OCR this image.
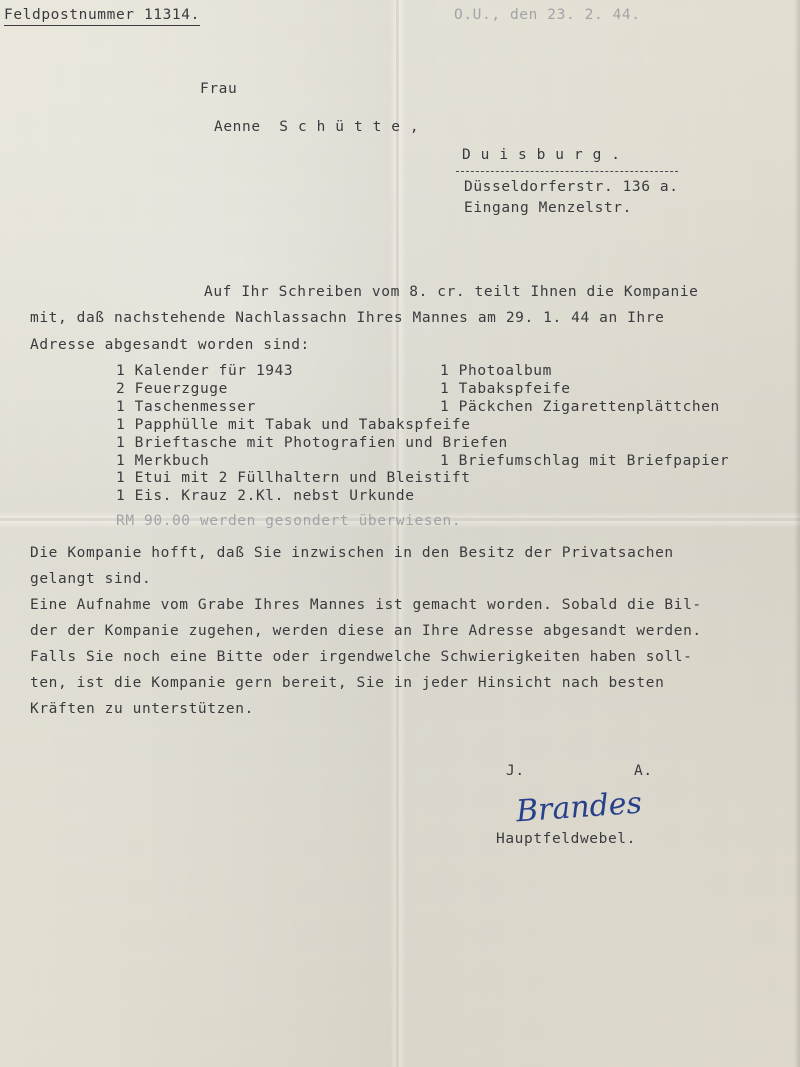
Feldpostnummer 11314.	O.U., den 23. 2. 44.
Frau
Aenne  S c h ü t t e ,
D u i s b u r g .
Düsseldorferstr. 136 a.
Eingang Menzelstr.
Auf Ihr Schreiben vom 8. cr. teilt Ihnen die Kompanie
mit, daß nachstehende Nachlassachn Ihres Mannes am 29. 1. 44 an Ihre
Adresse abgesandt worden sind:
1 Kalender für 1943
2 Feuerzguge
1 Taschenmesser
1 Papphülle mit Tabak und Tabakspfeife
1 Brieftasche mit Photografien und Briefen
1 Merkbuch
1 Etui mit 2 Füllhaltern und Bleistift
1 Eis. Krauz 2.Kl. nebst Urkunde
1 Photoalbum
1 Tabakspfeife
1 Päckchen Zigarettenplättchen
1 Briefumschlag mit Briefpapier
RM 90.00 werden gesondert überwiesen.
Die Kompanie hofft, daß Sie inzwischen in den Besitz der Privatsachen
gelangt sind.
Eine Aufnahme vom Grabe Ihres Mannes ist gemacht worden. Sobald die Bil-
der der Kompanie zugehen, werden diese an Ihre Adresse abgesandt werden.
Falls Sie noch eine Bitte oder irgendwelche Schwierigkeiten haben soll-
ten, ist die Kompanie gern bereit, Sie in jeder Hinsicht nach besten
Kräften zu unterstützen.
J.	A.
Brandes
Hauptfeldwebel.
